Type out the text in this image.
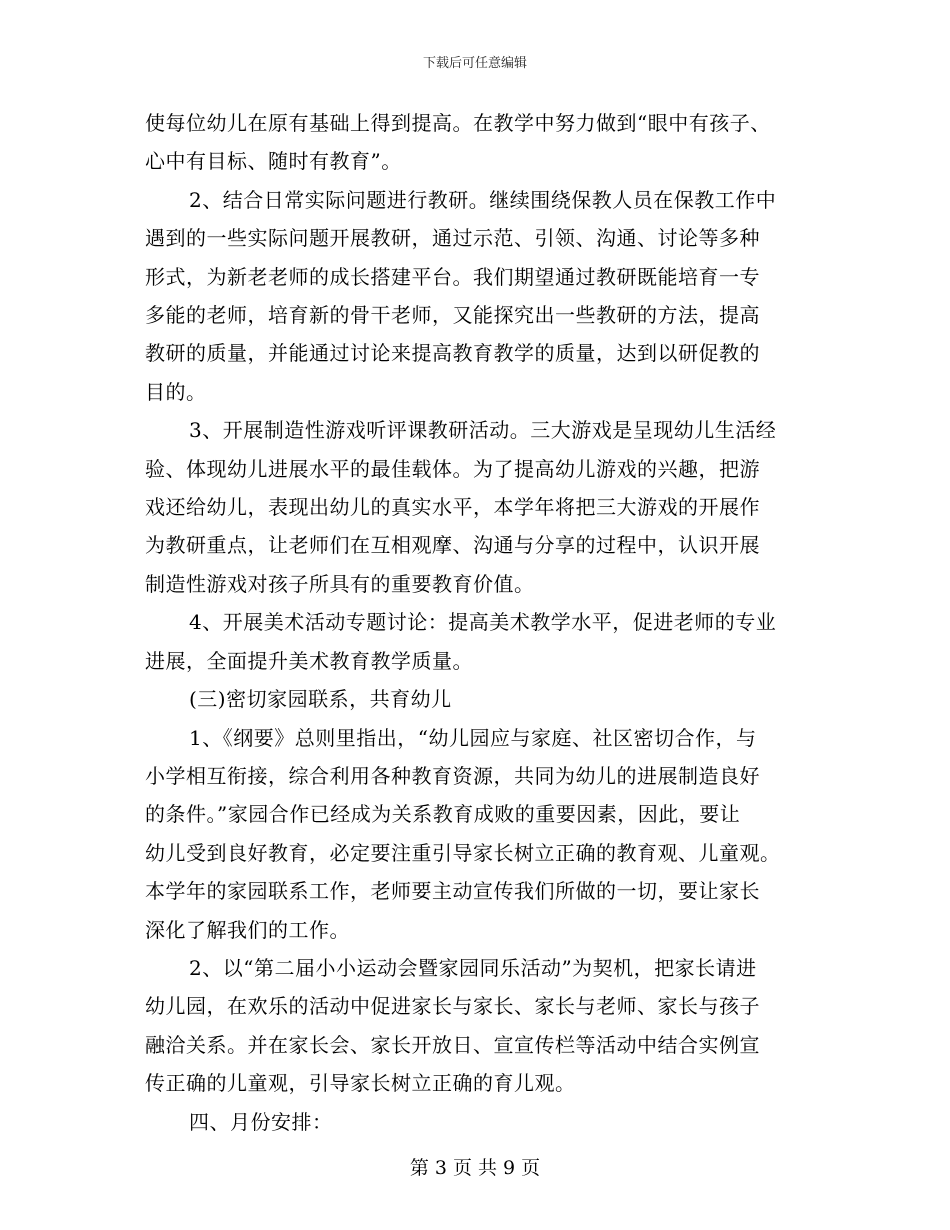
下载后可任意编辑
使每位幼儿在原有基础上得到提高。在教学中努力做到“眼中有孩子、
心中有目标、随时有教育”。
2、结合日常实际问题进行教研。继续围绕保教人员在保教工作中
遇到的一些实际问题开展教研，通过示范、引领、沟通、讨论等多种
形式，为新老老师的成长搭建平台。我们期望通过教研既能培育一专
多能的老师，培育新的骨干老师，又能探究出一些教研的方法，提高
教研的质量，并能通过讨论来提高教育教学的质量，达到以研促教的
目的。
3、开展制造性游戏听评课教研活动。三大游戏是呈现幼儿生活经
验、体现幼儿进展水平的最佳载体。为了提高幼儿游戏的兴趣，把游
戏还给幼儿，表现出幼儿的真实水平，本学年将把三大游戏的开展作
为教研重点，让老师们在互相观摩、沟通与分享的过程中，认识开展
制造性游戏对孩子所具有的重要教育价值。
4、开展美术活动专题讨论：提高美术教学水平，促进老师的专业
进展，全面提升美术教育教学质量。
(三)密切家园联系，共育幼儿
1、《纲要》总则里指出，“幼儿园应与家庭、社区密切合作，与
小学相互衔接，综合利用各种教育资源，共同为幼儿的进展制造良好
的条件。”家园合作已经成为关系教育成败的重要因素，因此，要让
幼儿受到良好教育，必定要注重引导家长树立正确的教育观、儿童观。
本学年的家园联系工作，老师要主动宣传我们所做的一切，要让家长
深化了解我们的工作。
2、以“第二届小小运动会暨家园同乐活动”为契机，把家长请进
幼儿园，在欢乐的活动中促进家长与家长、家长与老师、家长与孩子
融洽关系。并在家长会、家长开放日、宣宣传栏等活动中结合实例宣
传正确的儿童观，引导家长树立正确的育儿观。
四、月份安排：
第 3 页 共 9 页
